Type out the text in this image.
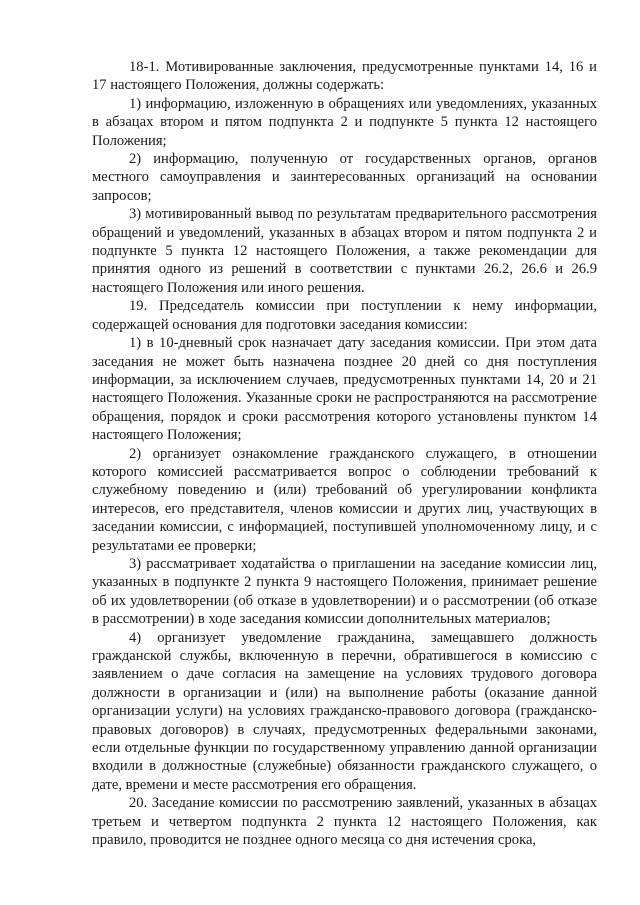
18-1. Мотивированные заключения, предусмотренные пунктами 14, 16 и 17 настоящего Положения, должны содержать:

1) информацию, изложенную в обращениях или уведомлениях, указанных в абзацах втором и пятом подпункта 2 и подпункте 5 пункта 12 настоящего Положения;

2) информацию, полученную от государственных органов, органов местного самоуправления и заинтересованных организаций на основании запросов;

3) мотивированный вывод по результатам предварительного рассмотрения обращений и уведомлений, указанных в абзацах втором и пятом подпункта 2 и подпункте 5 пункта 12 настоящего Положения, а также рекомендации для принятия одного из решений в соответствии с пунктами 26.2, 26.6 и 26.9 настоящего Положения или иного решения.

19. Председатель комиссии при поступлении к нему информации, содержащей основания для подготовки заседания комиссии:

1) в 10-дневный срок назначает дату заседания комиссии. При этом дата заседания не может быть назначена позднее 20 дней со дня поступления информации, за исключением случаев, предусмотренных пунктами 14, 20 и 21 настоящего Положения. Указанные сроки не распространяются на рассмотрение обращения, порядок и сроки рассмотрения которого установлены пунктом 14 настоящего Положения;

2) организует ознакомление гражданского служащего, в отношении которого комиссией рассматривается вопрос о соблюдении требований к служебному поведению и (или) требований об урегулировании конфликта интересов, его представителя, членов комиссии и других лиц, участвующих в заседании комиссии, с информацией, поступившей уполномоченному лицу, и с результатами ее проверки;

3) рассматривает ходатайства о приглашении на заседание комиссии лиц, указанных в подпункте 2 пункта 9 настоящего Положения, принимает решение об их удовлетворении (об отказе в удовлетворении) и о рассмотрении (об отказе в рассмотрении) в ходе заседания комиссии дополнительных материалов;

4) организует уведомление гражданина, замещавшего должность гражданской службы, включенную в перечни, обратившегося в комиссию с заявлением о даче согласия на замещение на условиях трудового договора должности в организации и (или) на выполнение работы (оказание данной организации услуги) на условиях гражданско-правового договора (гражданско-правовых договоров) в случаях, предусмотренных федеральными законами, если отдельные функции по государственному управлению данной организации входили в должностные (служебные) обязанности гражданского служащего, о дате, времени и месте рассмотрения его обращения.

20. Заседание комиссии по рассмотрению заявлений, указанных в абзацах третьем и четвертом подпункта 2 пункта 12 настоящего Положения, как правило, проводится не позднее одного месяца со дня истечения срока,
